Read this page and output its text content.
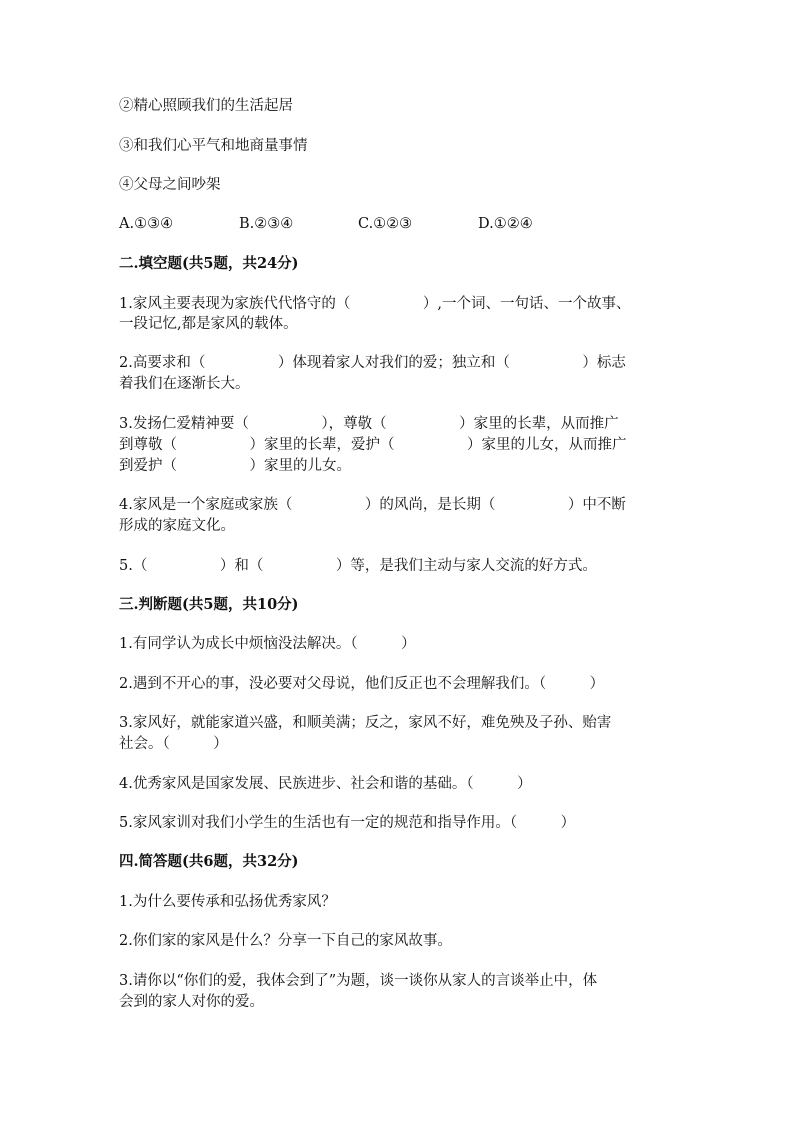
②精心照顾我们的生活起居
③和我们心平气和地商量事情
④父母之间吵架
A.①③④	B.②③④	C.①②③	D.①②④
二.填空题(共5题，共24分)
1.家风主要表现为家族代代恪守的（　　　　　）,一个词、一句话、一个故事、
一段记忆,都是家风的载体。
2.高要求和（　　　　　）体现着家人对我们的爱；独立和（　　　　　）标志
着我们在逐渐长大。
3.发扬仁爱精神要（　　　　　），尊敬（　　　　　）家里的长辈，从而推广
到尊敬（　　　　　）家里的长辈，爱护（　　　　　）家里的儿女，从而推广
到爱护（　　　　　）家里的儿女。
4.家风是一个家庭或家族（　　　　　）的风尚，是长期（　　　　　）中不断
形成的家庭文化。
5.（　　　　　）和（　　　　　）等，是我们主动与家人交流的好方式。
三.判断题(共5题，共10分)
1.有同学认为成长中烦恼没法解决。（　　　）
2.遇到不开心的事，没必要对父母说，他们反正也不会理解我们。（　　　）
3.家风好，就能家道兴盛，和顺美满；反之，家风不好，难免殃及子孙、贻害
社会。（　　　）
4.优秀家风是国家发展、民族进步、社会和谐的基础。（　　　）
5.家风家训对我们小学生的生活也有一定的规范和指导作用。（　　　）
四.简答题(共6题，共32分)
1.为什么要传承和弘扬优秀家风？
2.你们家的家风是什么？分享一下自己的家风故事。
3.请你以“你们的爱，我体会到了”为题，谈一谈你从家人的言谈举止中，体
会到的家人对你的爱。
